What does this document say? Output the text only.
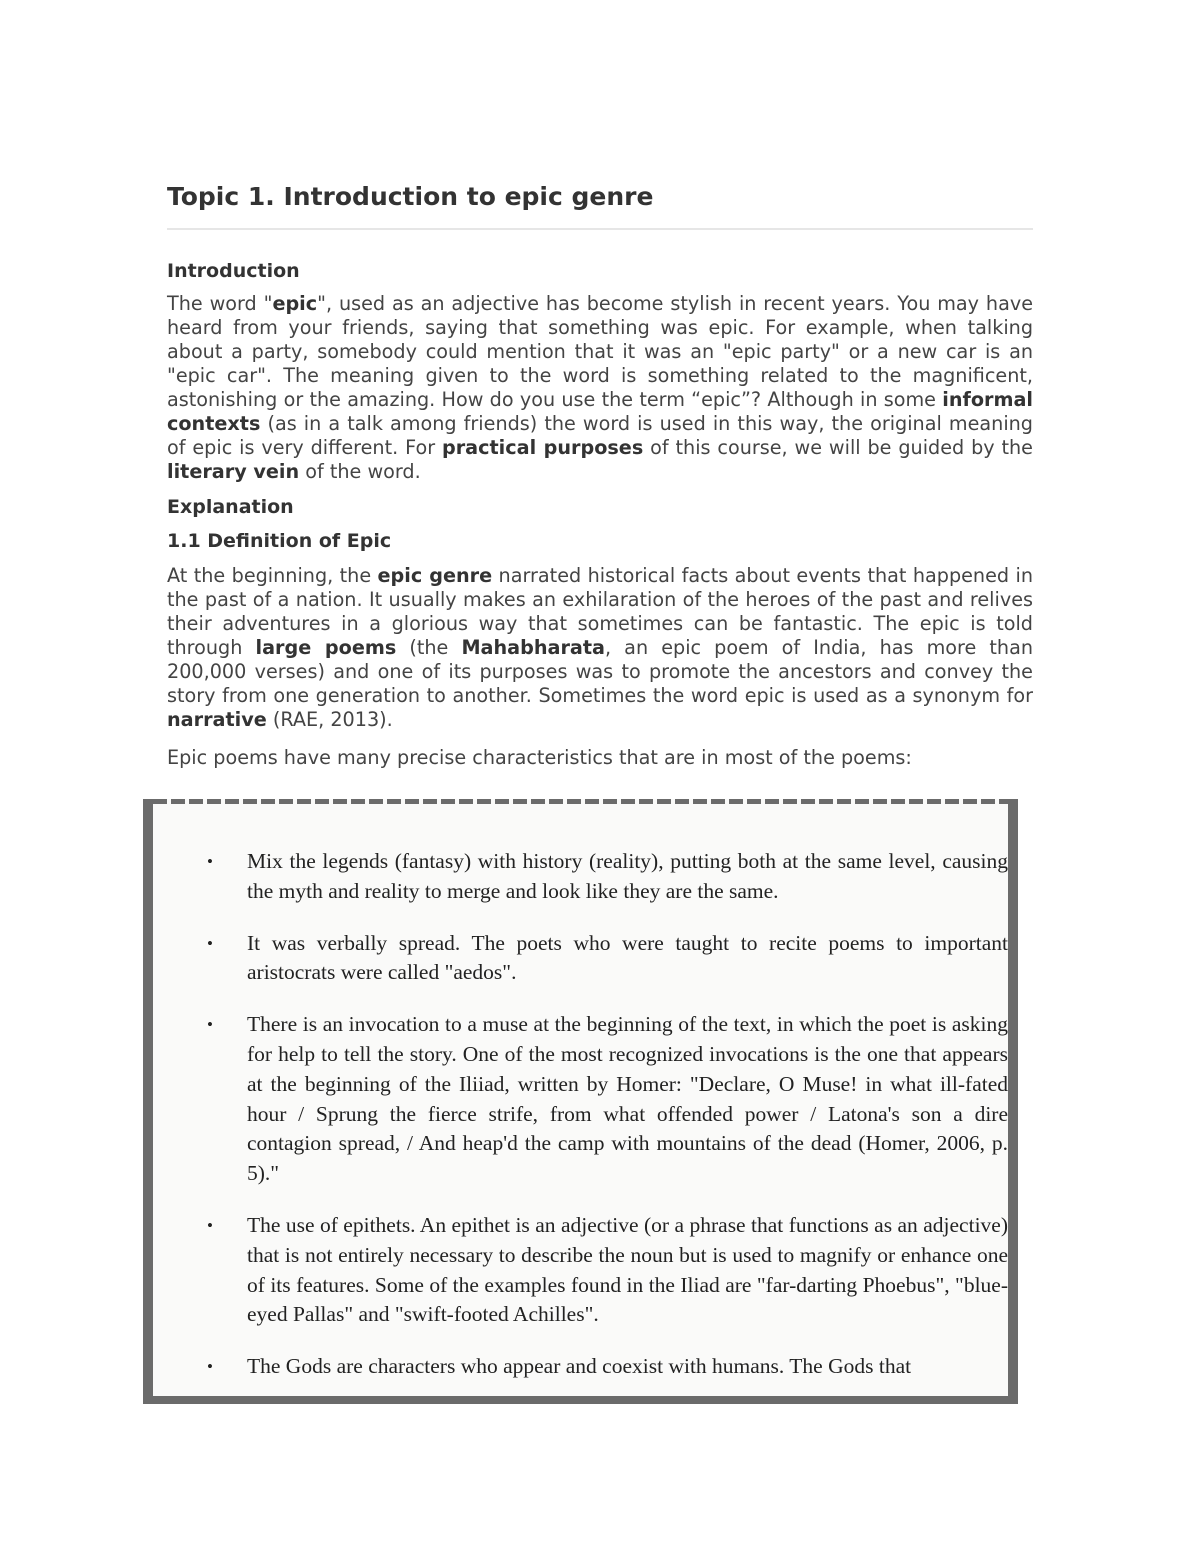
Topic 1. Introduction to epic genre
Introduction

The word "epic", used as an adjective has become stylish in recent years. You may have heard from your friends, saying that something was epic. For example, when talking about a party, somebody could mention that it was an "epic party" or a new car is an "epic car". The meaning given to the word is something related to the magnificent, astonishing or the amazing. How do you use the term “epic”? Although in some informal contexts (as in a talk among friends) the word is used in this way, the original meaning of epic is very different. For practical purposes of this course, we will be guided by the literary vein of the word.

Explanation
1.1 Definition of Epic

At the beginning, the epic genre narrated historical facts about events that happened in the past of a nation. It usually makes an exhilaration of the heroes of the past and relives their adventures in a glorious way that sometimes can be fantastic. The epic is told through large poems (the Mahabharata, an epic poem of India, has more than 200,000 verses) and one of its purposes was to promote the ancestors and convey the story from one generation to another. Sometimes the word epic is used as a synonym for narrative (RAE, 2013).

Epic poems have many precise characteristics that are in most of the poems:

• Mix the legends (fantasy) with history (reality), putting both at the same level, causing the myth and reality to merge and look like they are the same.
• It was verbally spread. The poets who were taught to recite poems to important aristocrats were called "aedos".
• There is an invocation to a muse at the beginning of the text, in which the poet is asking for help to tell the story. One of the most recognized invocations is the one that appears at the beginning of the Iliiad, written by Homer: "Declare, O Muse! in what ill-fated hour / Sprung the fierce strife, from what offended power / Latona's son a dire contagion spread, / And heap'd the camp with mountains of the dead (Homer, 2006, p. 5)."
• The use of epithets. An epithet is an adjective (or a phrase that functions as an adjective) that is not entirely necessary to describe the noun but is used to magnify or enhance one of its features. Some of the examples found in the Iliad are "far-darting Phoebus", "blue-eyed Pallas" and "swift-footed Achilles".
• The Gods are characters who appear and coexist with humans. The Gods that
